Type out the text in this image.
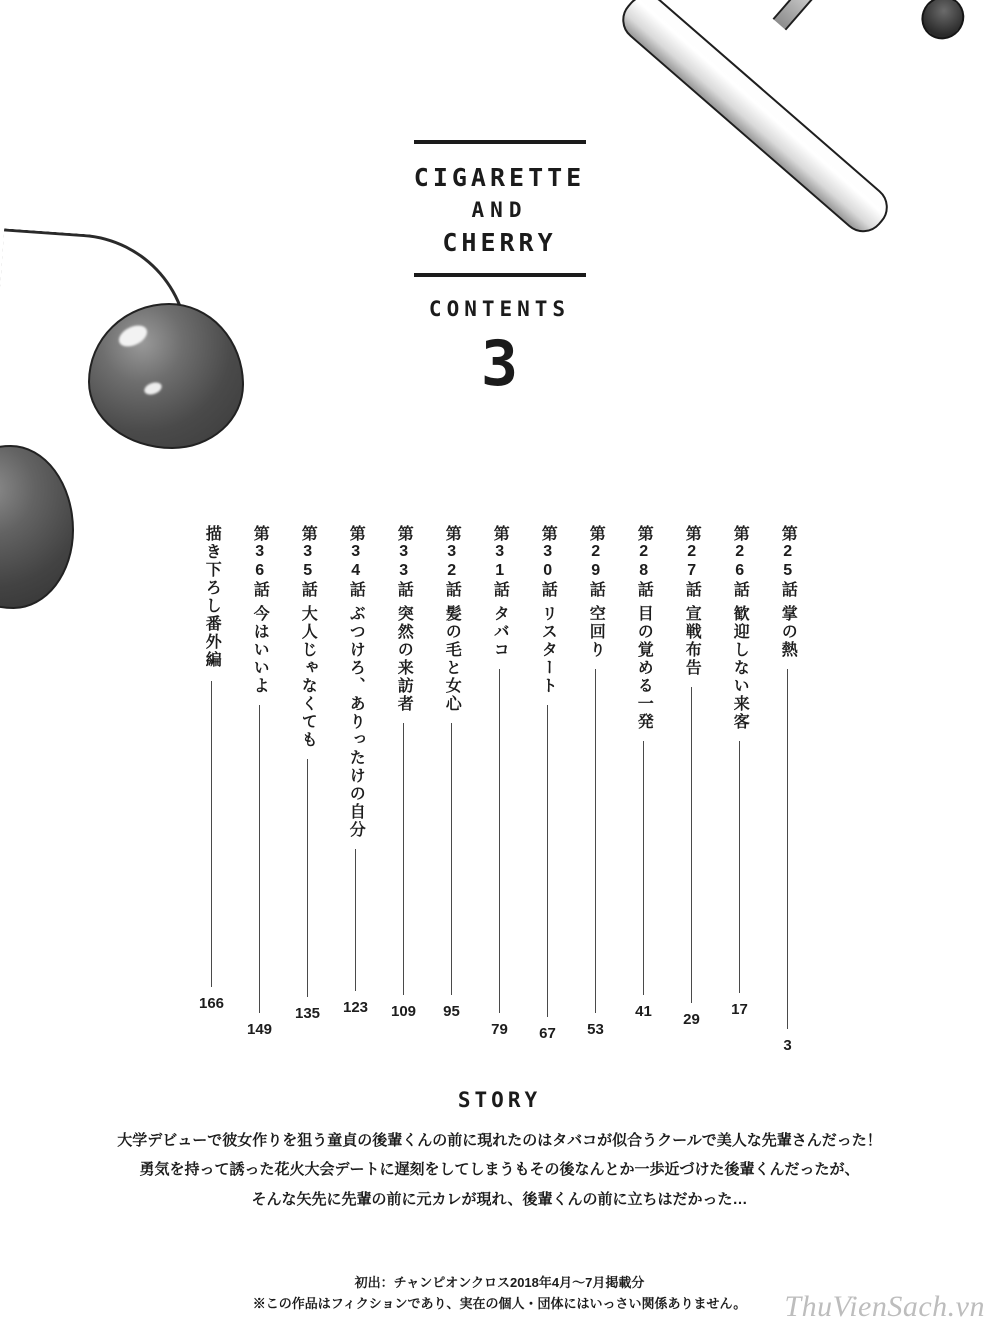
CIGARETTE
AND
CHERRY
CONTENTS
3
描き下ろし番外編
166
第36話
今はいいよ
149
第35話
大人じゃなくても
135
第34話
ぶつけろ、ありったけの自分
123
第33話
突然の来訪者
109
第32話
髪の毛と女心
95
第31話
タバコ
79
第30話
リスタート
67
第29話
空回り
53
第28話
目の覚める一発
41
第27話
宣戦布告
29
第26話
歓迎しない来客
17
第25話
掌の熱
3
STORY
大学デビューで彼女作りを狙う童貞の後輩くんの前に現れたのはタバコが似合うクールで美人な先輩さんだった！
勇気を持って誘った花火大会デートに遅刻をしてしまうもその後なんとか一歩近づけた後輩くんだったが、
そんな矢先に先輩の前に元カレが現れ、後輩くんの前に立ちはだかった…
初出：チャンピオンクロス2018年4月〜7月掲載分
※この作品はフィクションであり、実在の個人・団体にはいっさい関係ありません。	ThuVienSach.vn
